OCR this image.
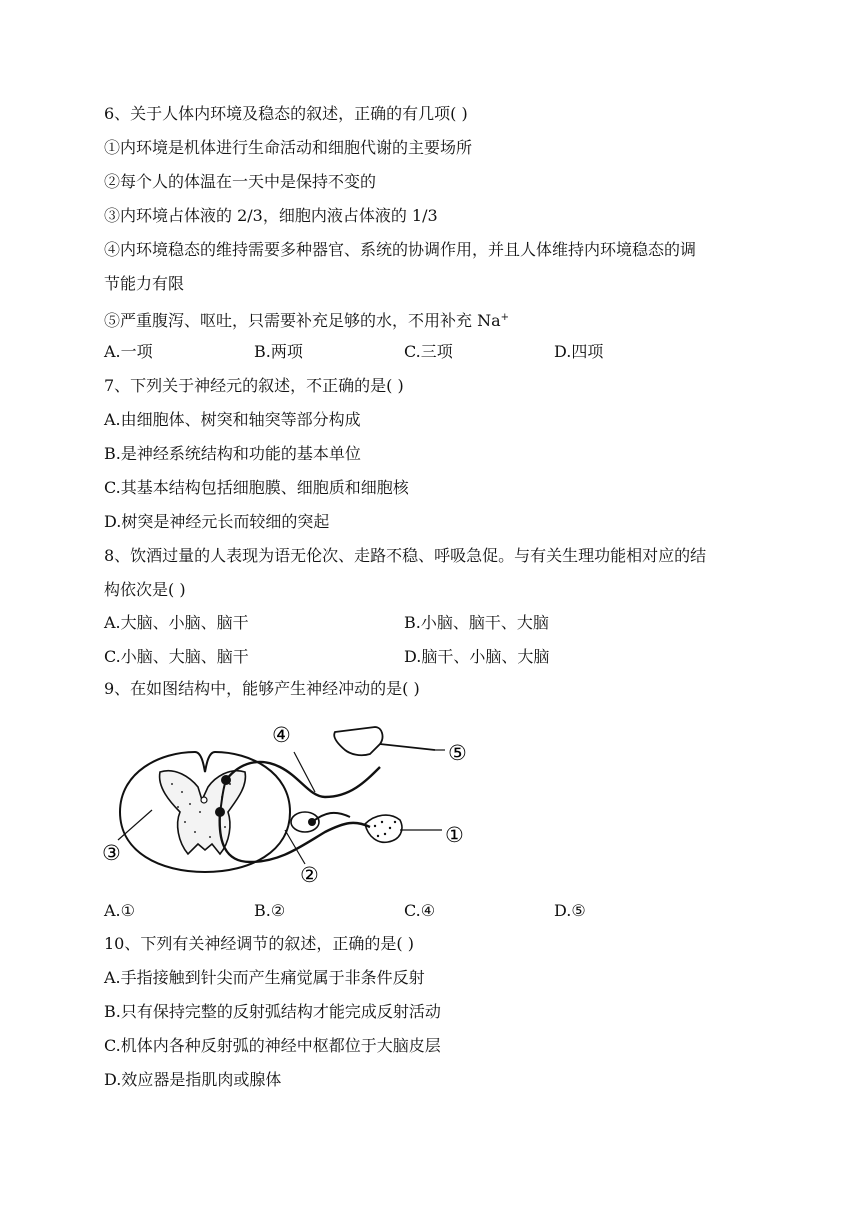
6、关于人体内环境及稳态的叙述，正确的有几项( )
①内环境是机体进行生命活动和细胞代谢的主要场所
②每个人的体温在一天中是保持不变的
③内环境占体液的 2/3，细胞内液占体液的 1/3
④内环境稳态的维持需要多种器官、系统的协调作用，并且人体维持内环境稳态的调
节能力有限
⑤严重腹泻、呕吐，只需要补充足够的水，不用补充 Na+
A.一项	B.两项	C.三项	D.四项
7、下列关于神经元的叙述，不正确的是( )
A.由细胞体、树突和轴突等部分构成
B.是神经系统结构和功能的基本单位
C.其基本结构包括细胞膜、细胞质和细胞核
D.树突是神经元长而较细的突起
8、饮酒过量的人表现为语无伦次、走路不稳、呼吸急促。与有关生理功能相对应的结
构依次是( )
A.大脑、小脑、脑干	B.小脑、脑干、大脑
C.小脑、大脑、脑干	D.脑干、小脑、大脑
9、在如图结构中，能够产生神经冲动的是( )
①
②
③
④
⑤
A.①	B.②	C.④	D.⑤
10、下列有关神经调节的叙述，正确的是( )
A.手指接触到针尖而产生痛觉属于非条件反射
B.只有保持完整的反射弧结构才能完成反射活动
C.机体内各种反射弧的神经中枢都位于大脑皮层
D.效应器是指肌肉或腺体
